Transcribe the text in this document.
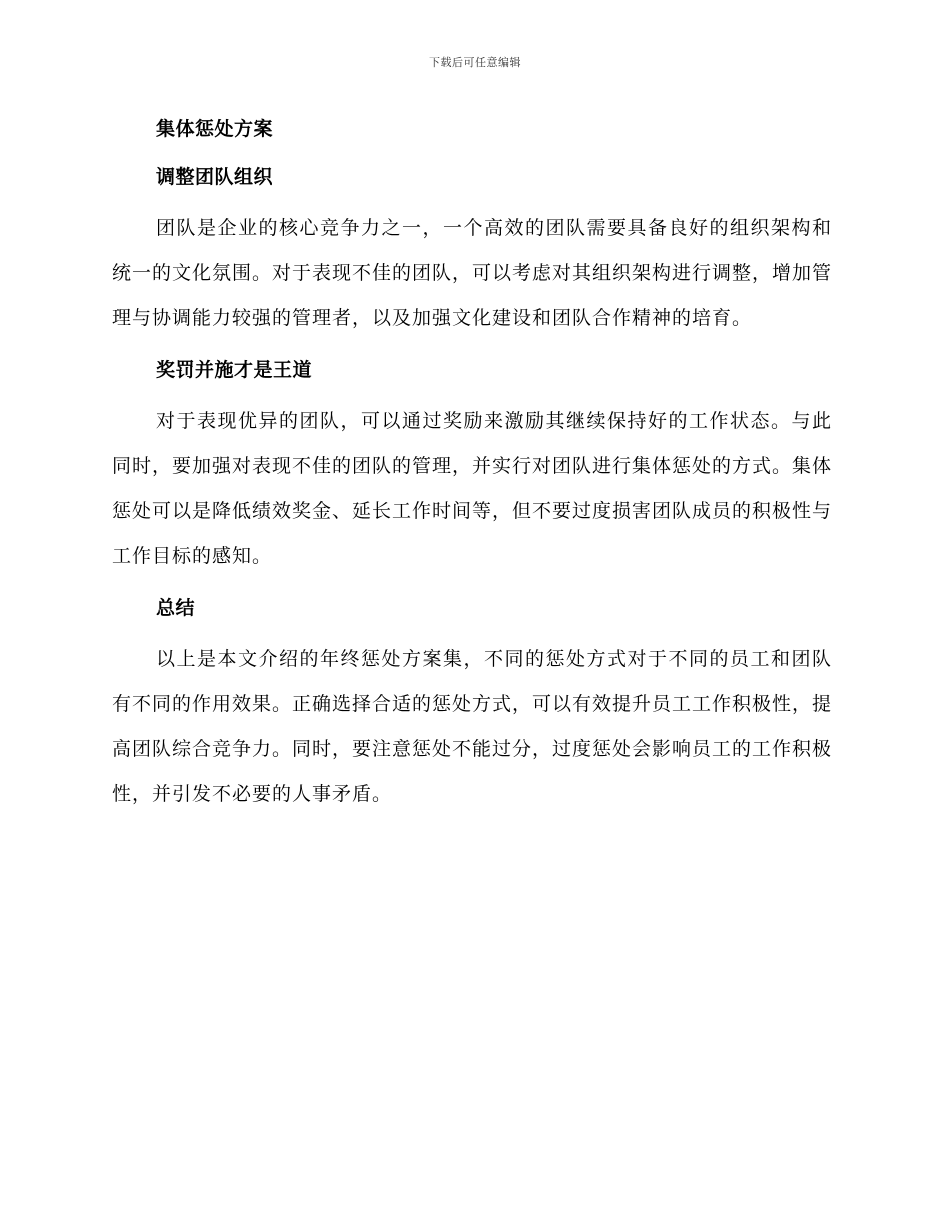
下载后可任意编辑
集体惩处方案
调整团队组织

团队是企业的核心竞争力之一，一个高效的团队需要具备良好的组织架构和统一的文化氛围。对于表现不佳的团队，可以考虑对其组织架构进行调整，增加管理与协调能力较强的管理者，以及加强文化建设和团队合作精神的培育。

奖罚并施才是王道

对于表现优异的团队，可以通过奖励来激励其继续保持好的工作状态。与此同时，要加强对表现不佳的团队的管理，并实行对团队进行集体惩处的方式。集体惩处可以是降低绩效奖金、延长工作时间等，但不要过度损害团队成员的积极性与工作目标的感知。

总结

以上是本文介绍的年终惩处方案集，不同的惩处方式对于不同的员工和团队有不同的作用效果。正确选择合适的惩处方式，可以有效提升员工工作积极性，提高团队综合竞争力。同时，要注意惩处不能过分，过度惩处会影响员工的工作积极性，并引发不必要的人事矛盾。
